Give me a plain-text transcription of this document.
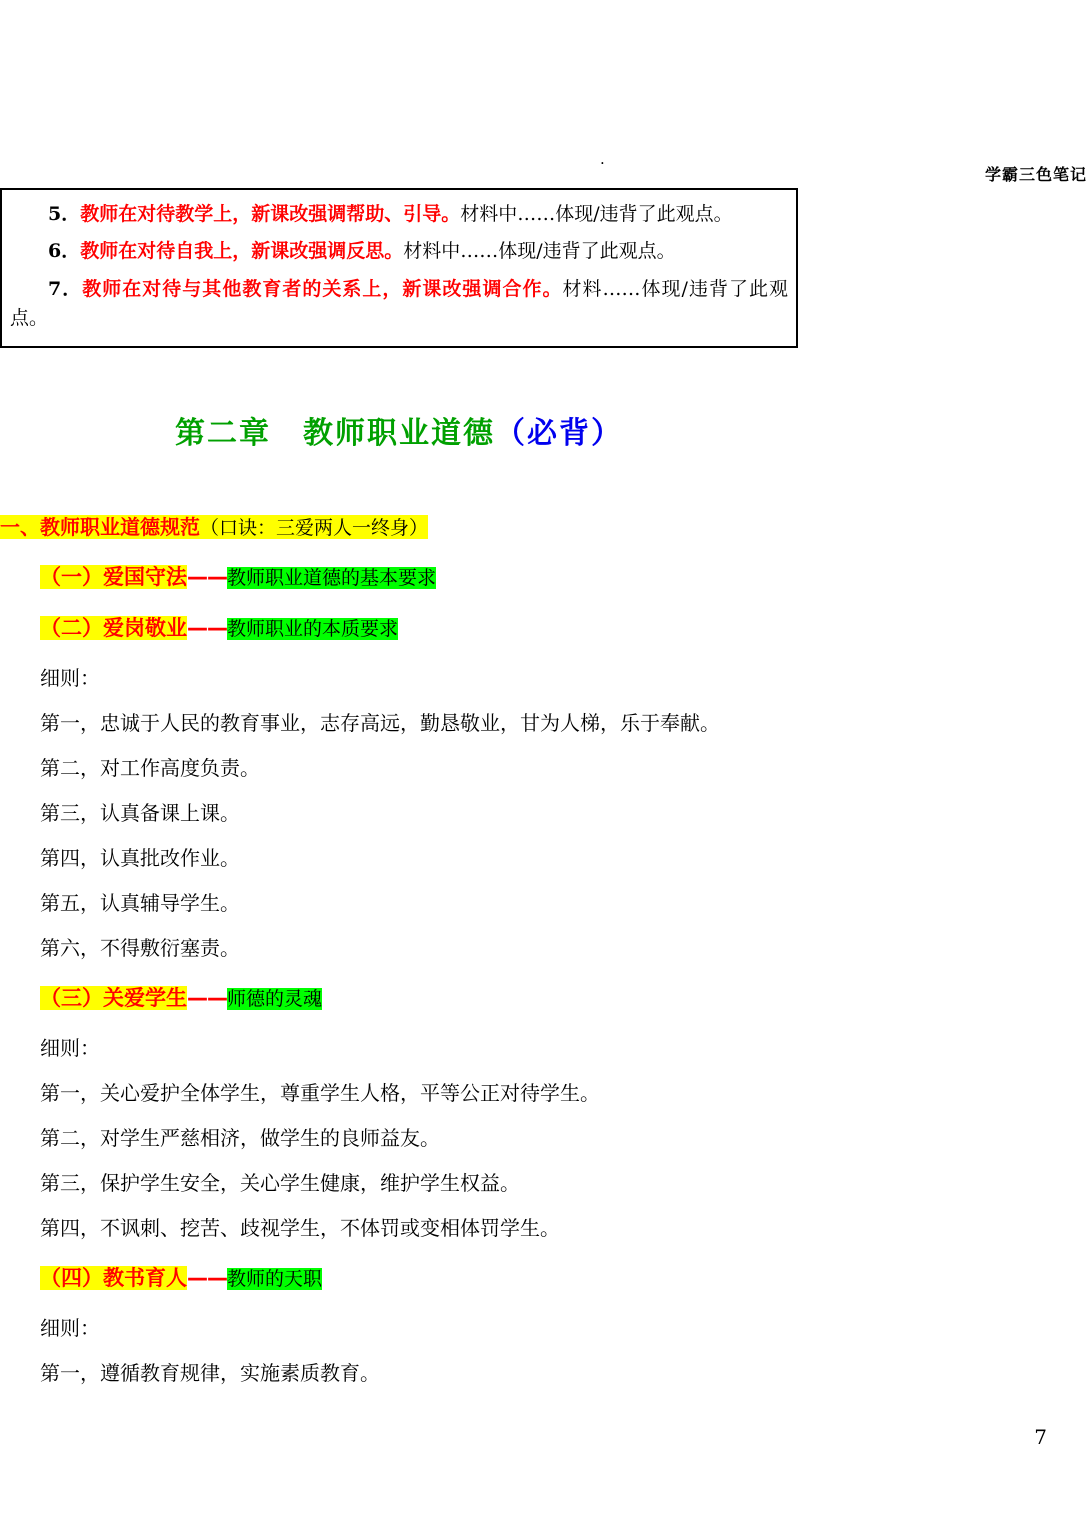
.
学霸三色笔记

5．教师在对待教学上，新课改强调帮助、引导。材料中……体现/违背了此观点。

6．教师在对待自我上，新课改强调反思。材料中……体现/违背了此观点。

7．教师在对待与其他教育者的关系上，新课改强调合作。材料……体现/违背了此观点。

第二章　教师职业道德（必背）

一、教师职业道德规范（口诀：三爱两人一终身）

（一）爱国守法——教师职业道德的基本要求

（二）爱岗敬业——教师职业的本质要求

细则：

第一，忠诚于人民的教育事业，志存高远，勤恳敬业，甘为人梯，乐于奉献。

第二，对工作高度负责。

第三，认真备课上课。

第四，认真批改作业。

第五，认真辅导学生。

第六，不得敷衍塞责。

（三）关爱学生——师德的灵魂

细则：

第一，关心爱护全体学生，尊重学生人格，平等公正对待学生。

第二，对学生严慈相济，做学生的良师益友。

第三，保护学生安全，关心学生健康，维护学生权益。

第四，不讽刺、挖苦、歧视学生，不体罚或变相体罚学生。

（四）教书育人——教师的天职

细则：

第一，遵循教育规律，实施素质教育。

7
